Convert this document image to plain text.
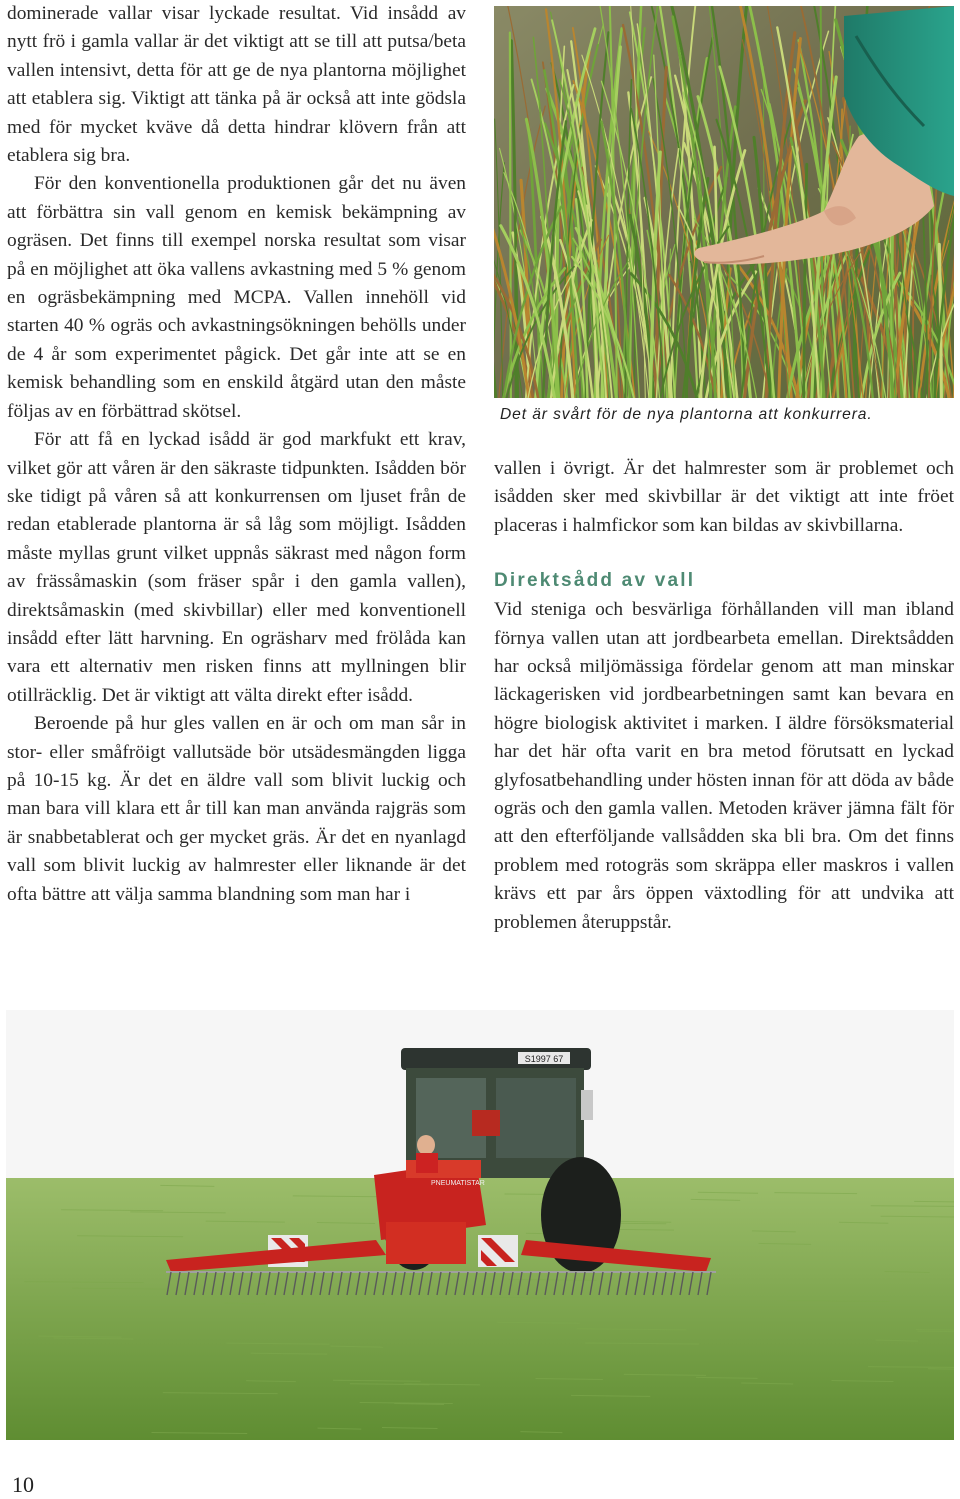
dominerade vallar visar lyckade resultat. Vid insådd av nytt frö i gamla vallar är det viktigt att se till att putsa/beta vallen intensivt, detta för att ge de nya plantorna möjlighet att etablera sig. Viktigt att tänka på är också att inte gödsla med för mycket kväve då detta hindrar klövern från att etablera sig bra.

För den konventionella produktionen går det nu även att förbättra sin vall genom en kemisk bekämpning av ogräsen. Det finns till exempel norska resultat som visar på en möjlighet att öka vallens avkastning med 5 % genom en ogräsbekämpning med MCPA. Vallen innehöll vid starten 40 % ogräs och avkastningsökningen behölls under de 4 år som experimentet pågick. Det går inte att se en kemisk behandling som en enskild åtgärd utan den måste följas av en förbättrad skötsel.

För att få en lyckad isådd är god markfukt ett krav, vilket gör att våren är den säkraste tidpunkten. Isådden bör ske tidigt på våren så att konkurrensen om ljuset från de redan etablerade plantorna är så låg som möjligt. Isådden måste myllas grunt vilket uppnås säkrast med någon form av frässåmaskin (som fräser spår i den gamla vallen), direktsåmaskin (med skivbillar) eller med konventionell insådd efter lätt harvning. En ogräsharv med frölåda kan vara ett alternativ men risken finns att myllningen blir otillräcklig. Det är viktigt att välta direkt efter isådd.

Beroende på hur gles vallen en är och om man sår in stor- eller småfröigt vallutsäde bör utsädesmängden ligga på 10-15 kg. Är det en äldre vall som blivit luckig och man bara vill klara ett år till kan man använda rajgräs som är snabbetablerat och ger mycket gräs. Är det en nyanlagd vall som blivit luckig av halmrester eller liknande är det ofta bättre att välja samma blandning som man har i

Det är svårt för de nya plantorna att konkurrera.

vallen i övrigt. Är det halmrester som är problemet och isådden sker med skivbillar är det viktigt att inte fröet placeras i halmfickor som kan bildas av skivbillarna.

Direktsådd av vall

Vid steniga och besvärliga förhållanden vill man ibland förnya vallen utan att jordbearbeta emellan. Direktsådden har också miljömässiga fördelar genom att man minskar läckagerisken vid jordbearbetningen samt kan bevara en högre biologisk aktivitet i marken. I äldre försöksmaterial har det här ofta varit en bra metod förutsatt en lyckad glyfosatbehandling under hösten innan för att döda av både ogräs och den gamla vallen. Metoden kräver jämna fält för att den efterföljande vallsådden ska bli bra. Om det finns problem med rotogräs som skräppa eller maskros i vallen krävs ett par års öppen växtodling för att undvika att problemen återuppstår.

S1997 67
PNEUMATISTAR
10
